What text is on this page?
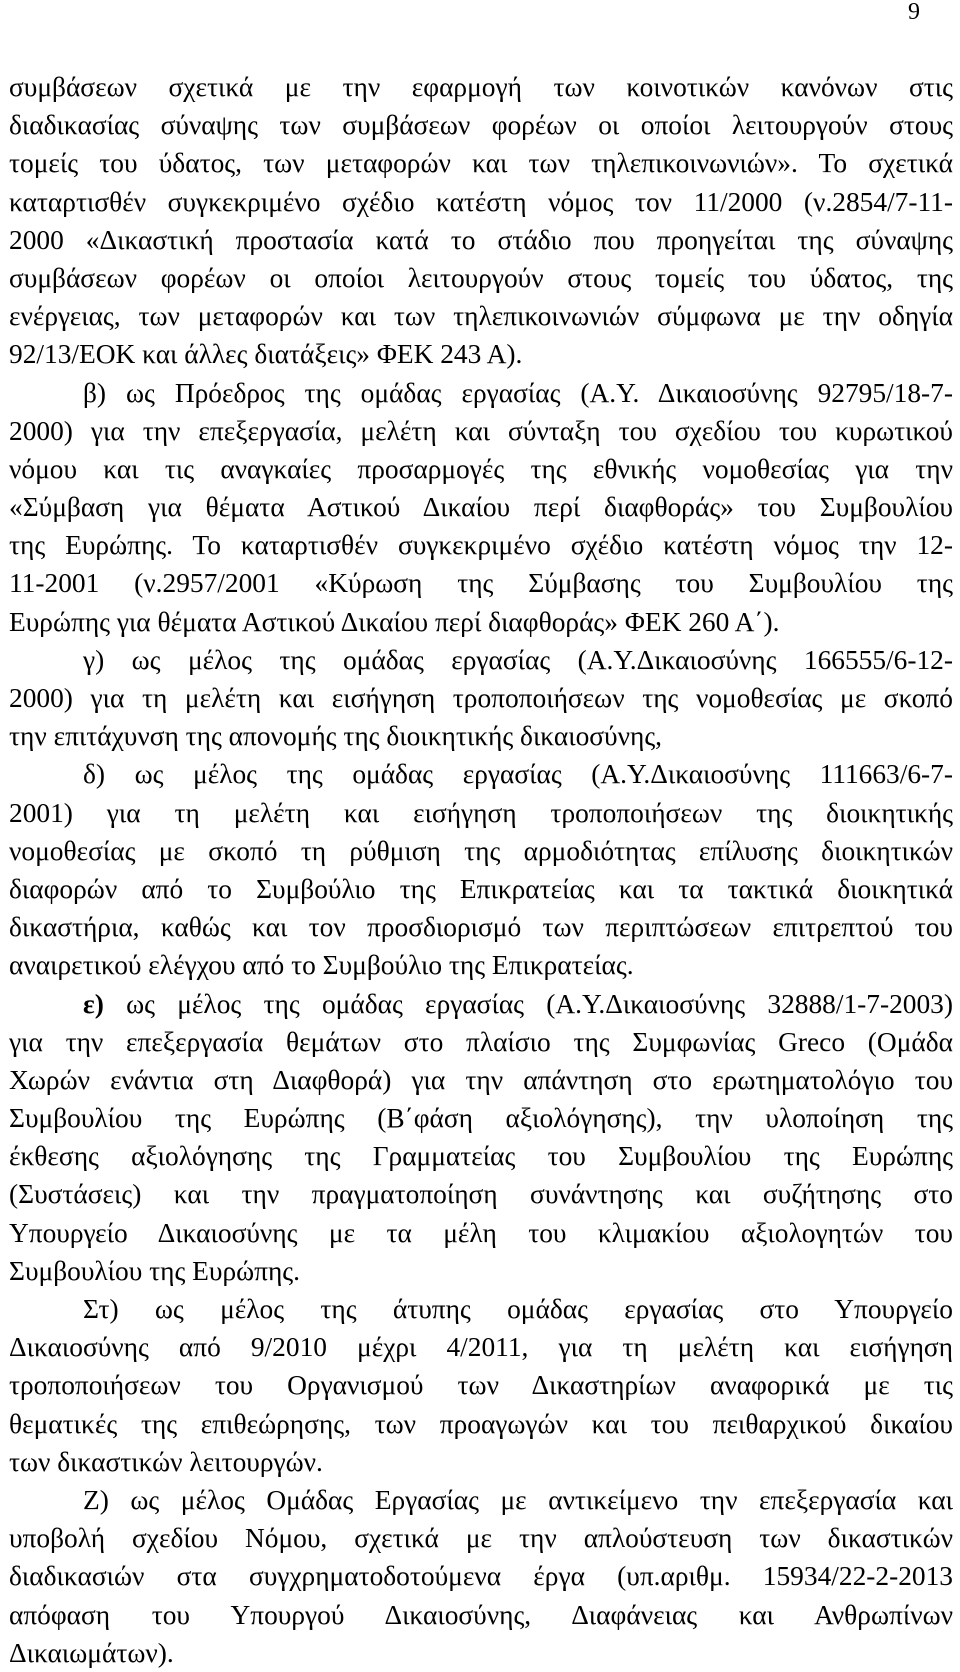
9
συμβάσεων σχετικά με την εφαρμογή των κοινοτικών κανόνων στις
διαδικασίας σύναψης των συμβάσεων φορέων οι οποίοι λειτουργούν στους
τομείς του ύδατος, των μεταφορών και των τηλεπικοινωνιών». Το σχετικά
καταρτισθέν συγκεκριμένο σχέδιο κατέστη νόμος τον 11/2000 (ν.2854/7-11-
2000 «Δικαστική προστασία κατά το στάδιο που προηγείται της σύναψης
συμβάσεων φορέων οι οποίοι λειτουργούν στους τομείς του ύδατος, της
ενέργειας, των μεταφορών και των τηλεπικοινωνιών σύμφωνα με την οδηγία
92/13/ΕΟΚ και άλλες διατάξεις» ΦΕΚ 243 Α).
β) ως Πρόεδρος της ομάδας εργασίας (Α.Υ. Δικαιοσύνης 92795/18-7-
2000) για την επεξεργασία, μελέτη και σύνταξη του σχεδίου του κυρωτικού
νόμου και τις αναγκαίες προσαρμογές της εθνικής νομοθεσίας για την
«Σύμβαση για θέματα Αστικού Δικαίου περί διαφθοράς» του Συμβουλίου
της Ευρώπης. Το καταρτισθέν συγκεκριμένο σχέδιο κατέστη νόμος την 12-
11-2001 (ν.2957/2001 «Κύρωση της Σύμβασης του Συμβουλίου της
Ευρώπης για θέματα Αστικού Δικαίου περί διαφθοράς» ΦΕΚ 260 Α΄).
γ) ως μέλος της ομάδας εργασίας (Α.Υ.Δικαιοσύνης 166555/6-12-
2000) για τη μελέτη και εισήγηση τροποποιήσεων της νομοθεσίας με σκοπό
την επιτάχυνση της απονομής της διοικητικής δικαιοσύνης,
δ) ως μέλος της ομάδας εργασίας (Α.Υ.Δικαιοσύνης 111663/6-7-
2001) για τη μελέτη και εισήγηση τροποποιήσεων της διοικητικής
νομοθεσίας με σκοπό τη ρύθμιση της αρμοδιότητας επίλυσης διοικητικών
διαφορών από το Συμβούλιο της Επικρατείας και τα τακτικά διοικητικά
δικαστήρια, καθώς και τον προσδιορισμό των περιπτώσεων επιτρεπτού του
αναιρετικού ελέγχου από το Συμβούλιο της Επικρατείας.
ε) ως μέλος της ομάδας εργασίας (Α.Υ.Δικαιοσύνης 32888/1-7-2003)
για την επεξεργασία θεμάτων στο πλαίσιο της Συμφωνίας Greco (Ομάδα
Χωρών ενάντια στη Διαφθορά) για την απάντηση στο ερωτηματολόγιο του
Συμβουλίου της Ευρώπης (Β΄φάση αξιολόγησης), την υλοποίηση της
έκθεσης αξιολόγησης της Γραμματείας του Συμβουλίου της Ευρώπης
(Συστάσεις) και την πραγματοποίηση συνάντησης και συζήτησης στο
Υπουργείο Δικαιοσύνης με τα μέλη του κλιμακίου αξιολογητών του
Συμβουλίου της Ευρώπης.
Στ) ως μέλος της άτυπης ομάδας εργασίας στο Υπουργείο
Δικαιοσύνης από 9/2010 μέχρι 4/2011, για τη μελέτη και εισήγηση
τροποποιήσεων του Οργανισμού των Δικαστηρίων αναφορικά με τις
θεματικές της επιθεώρησης, των προαγωγών και του πειθαρχικού δικαίου
των δικαστικών λειτουργών.
Ζ) ως μέλος Ομάδας Εργασίας με αντικείμενο την επεξεργασία και
υποβολή σχεδίου Νόμου, σχετικά με την απλούστευση των δικαστικών
διαδικασιών στα συγχρηματοδοτούμενα έργα (υπ.αριθμ. 15934/22-2-2013
απόφαση του Υπουργού Δικαιοσύνης, Διαφάνειας και Ανθρωπίνων
Δικαιωμάτων).
